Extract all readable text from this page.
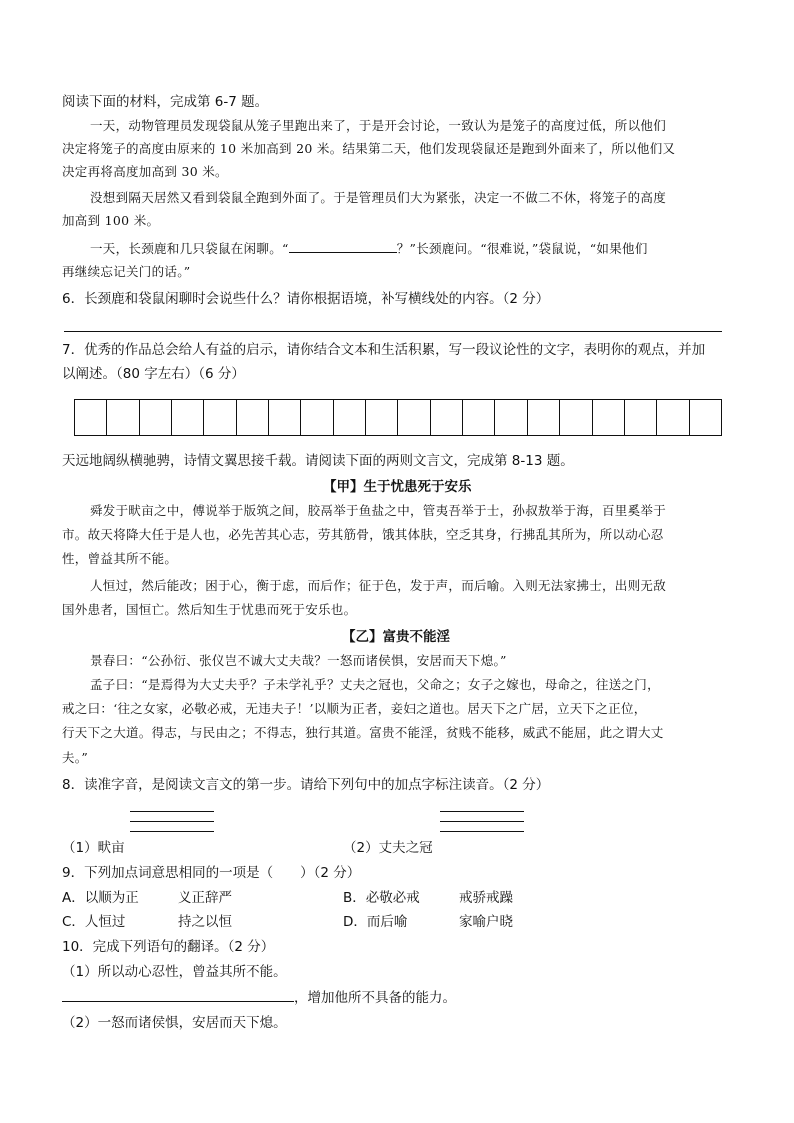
阅读下面的材料，完成第 6-7 题。
一天，动物管理员发现袋鼠从笼子里跑出来了，于是开会讨论，一致认为是笼子的高度过低，所以他们
决定将笼子的高度由原来的 10 米加高到 20 米。结果第二天，他们发现袋鼠还是跑到外面来了，所以他们又
决定再将高度加高到 30 米。
没想到隔天居然又看到袋鼠全跑到外面了。于是管理员们大为紧张，决定一不做二不休，将笼子的高度
加高到 100 米。
一天，长颈鹿和几只袋鼠在闲聊。“	？”长颈鹿问。“很难说，”袋鼠说，“如果他们
再继续忘记关门的话。”
6．长颈鹿和袋鼠闲聊时会说些什么？请你根据语境，补写横线处的内容。（2 分）
7．优秀的作品总会给人有益的启示，请你结合文本和生活积累，写一段议论性的文字，表明你的观点，并加
以阐述。（80 字左右）（6 分）
天远地阔纵横驰骋，诗情文翼思接千载。请阅读下面的两则文言文，完成第 8-13 题。
【甲】生于忧患死于安乐
舜发于畎亩之中，傅说举于版筑之间，胶鬲举于鱼盐之中，管夷吾举于士，孙叔敖举于海，百里奚举于
市。故天将降大任于是人也，必先苦其心志，劳其筋骨，饿其体肤，空乏其身，行拂乱其所为，所以动心忍
性，曾益其所不能。
人恒过，然后能改；困于心，衡于虑，而后作；征于色，发于声，而后喻。入则无法家拂士，出则无敌
国外患者，国恒亡。然后知生于忧患而死于安乐也。
【乙】富贵不能淫
景春曰：“公孙衍、张仪岂不诚大丈夫哉？一怒而诸侯惧，安居而天下熄。”
孟子曰：“是焉得为大丈夫乎？子未学礼乎？丈夫之冠也，父命之；女子之嫁也，母命之，往送之门，
戒之曰：‘往之女家，必敬必戒，无违夫子！’以顺为正者，妾妇之道也。居天下之广居，立天下之正位，
行天下之大道。得志，与民由之；不得志，独行其道。富贵不能淫，贫贱不能移，威武不能屈，此之谓大丈
夫。”
8．读准字音，是阅读文言文的第一步。请给下列句中的加点字标注读音。（2 分）
（1）畎亩	（2）丈夫之冠
9．下列加点词意思相同的一项是（　　）（2 分）
A．以顺为正	义正辞严	B．必敬必戒	戒骄戒躁
C．人恒过	持之以恒	D．而后喻	家喻户晓
10．完成下列语句的翻译。（2 分）
（1）所以动心忍性，曾益其所不能。
，增加他所不具备的能力。
（2）一怒而诸侯惧，安居而天下熄。
